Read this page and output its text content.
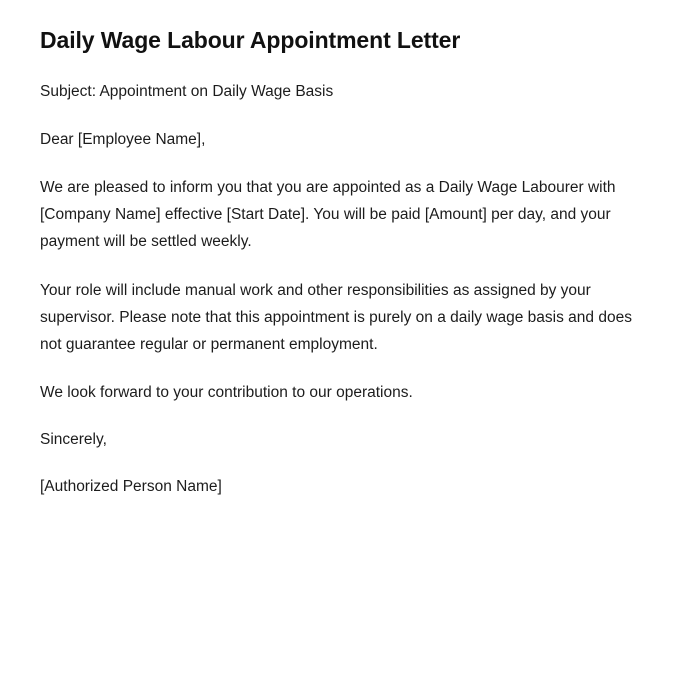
Daily Wage Labour Appointment Letter

Subject: Appointment on Daily Wage Basis

Dear [Employee Name],

We are pleased to inform you that you are appointed as a Daily Wage Labourer with [Company Name] effective [Start Date]. You will be paid [Amount] per day, and your payment will be settled weekly.

Your role will include manual work and other responsibilities as assigned by your supervisor. Please note that this appointment is purely on a daily wage basis and does not guarantee regular or permanent employment.

We look forward to your contribution to our operations.

Sincerely,

[Authorized Person Name]
